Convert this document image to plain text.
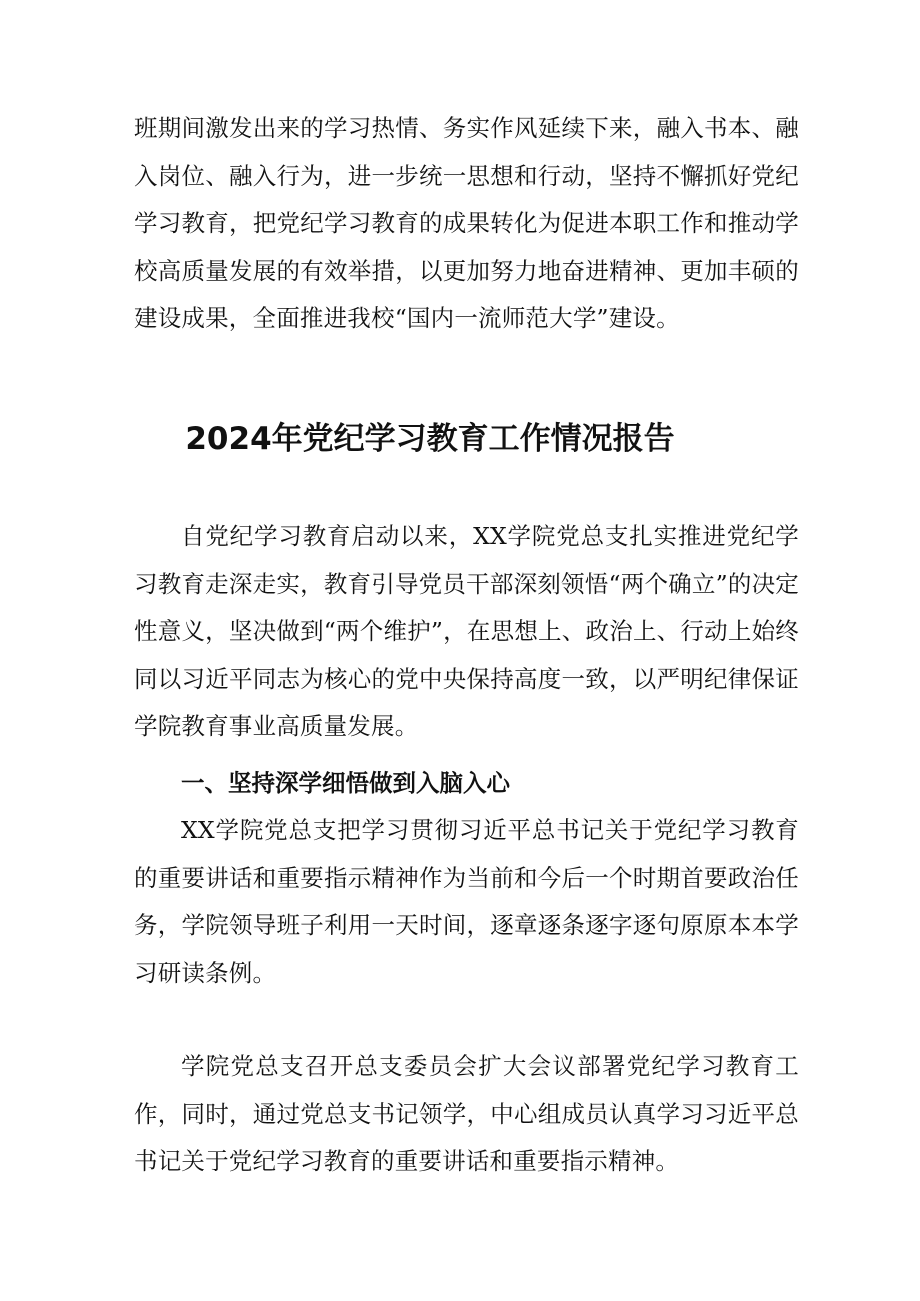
班期间激发出来的学习热情、务实作风延续下来，融入书本、融入岗位、融入行为，进一步统一思想和行动，坚持不懈抓好党纪学习教育，把党纪学习教育的成果转化为促进本职工作和推动学校高质量发展的有效举措，以更加努力地奋进精神、更加丰硕的建设成果，全面推进我校“国内一流师范大学”建设。

2024年党纪学习教育工作情况报告

自党纪学习教育启动以来，XX学院党总支扎实推进党纪学习教育走深走实，教育引导党员干部深刻领悟“两个确立”的决定性意义，坚决做到“两个维护”，在思想上、政治上、行动上始终同以习近平同志为核心的党中央保持高度一致，以严明纪律保证学院教育事业高质量发展。

一、坚持深学细悟做到入脑入心

XX学院党总支把学习贯彻习近平总书记关于党纪学习教育的重要讲话和重要指示精神作为当前和今后一个时期首要政治任务，学院领导班子利用一天时间，逐章逐条逐字逐句原原本本学习研读条例。

学院党总支召开总支委员会扩大会议部署党纪学习教育工作，同时，通过党总支书记领学，中心组成员认真学习习近平总书记关于党纪学习教育的重要讲话和重要指示精神。
